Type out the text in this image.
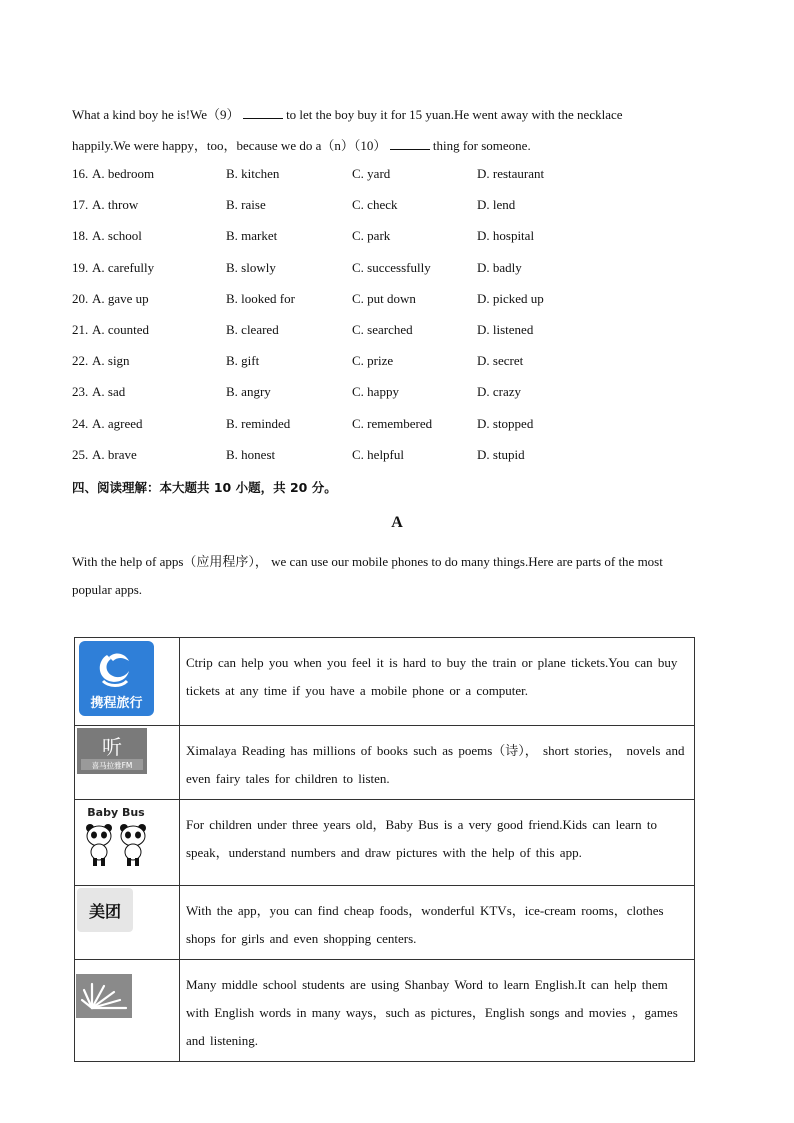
What a kind boy he is!We（9）	to let the boy buy it for 15 yuan.He went away with the necklace
happily.We were happy，too，because we do a（n）（10）	thing for someone.
16. A. bedroom	B. kitchen	C. yard	D. restaurant
17. A. throw	B. raise	C. check	D. lend
18. A. school	B. market	C. park	D. hospital
19. A. carefully	B. slowly	C. successfully	D. badly
20. A. gave up	B. looked for	C. put down	D. picked up
21. A. counted	B. cleared	C. searched	D. listened
22. A. sign	B. gift	C. prize	D. secret
23. A. sad	B. angry	C. happy	D. crazy
24. A. agreed	B. reminded	C. remembered	D. stopped
25. A. brave	B. honest	C. helpful	D. stupid
四、阅读理解：本大题共 10 小题，共 20 分。
A
With the help of apps（应用程序）， we can use our mobile phones to do many things.Here are parts of the most
popular apps.
携程旅行	Ctrip can help you when you feel it is hard to buy the train or plane tickets.You can buy tickets at any time if you have a mobile phone or a computer.

听
喜马拉雅FM	Ximalaya Reading has millions of books such as poems（诗）， short stories， novels and even fairy tales for children to listen.

Baby Bus	For children under three years old，Baby Bus is a very good friend.Kids can learn to speak，understand numbers and draw pictures with the help of this app.

美团	With the app，you can find cheap foods，wonderful KTVs，ice-cream rooms，clothes shops for girls and even shopping centers.

	Many middle school students are using Shanbay Word to learn English.It can help them with English words in many ways，such as pictures，English songs and movies ，games and listening.
